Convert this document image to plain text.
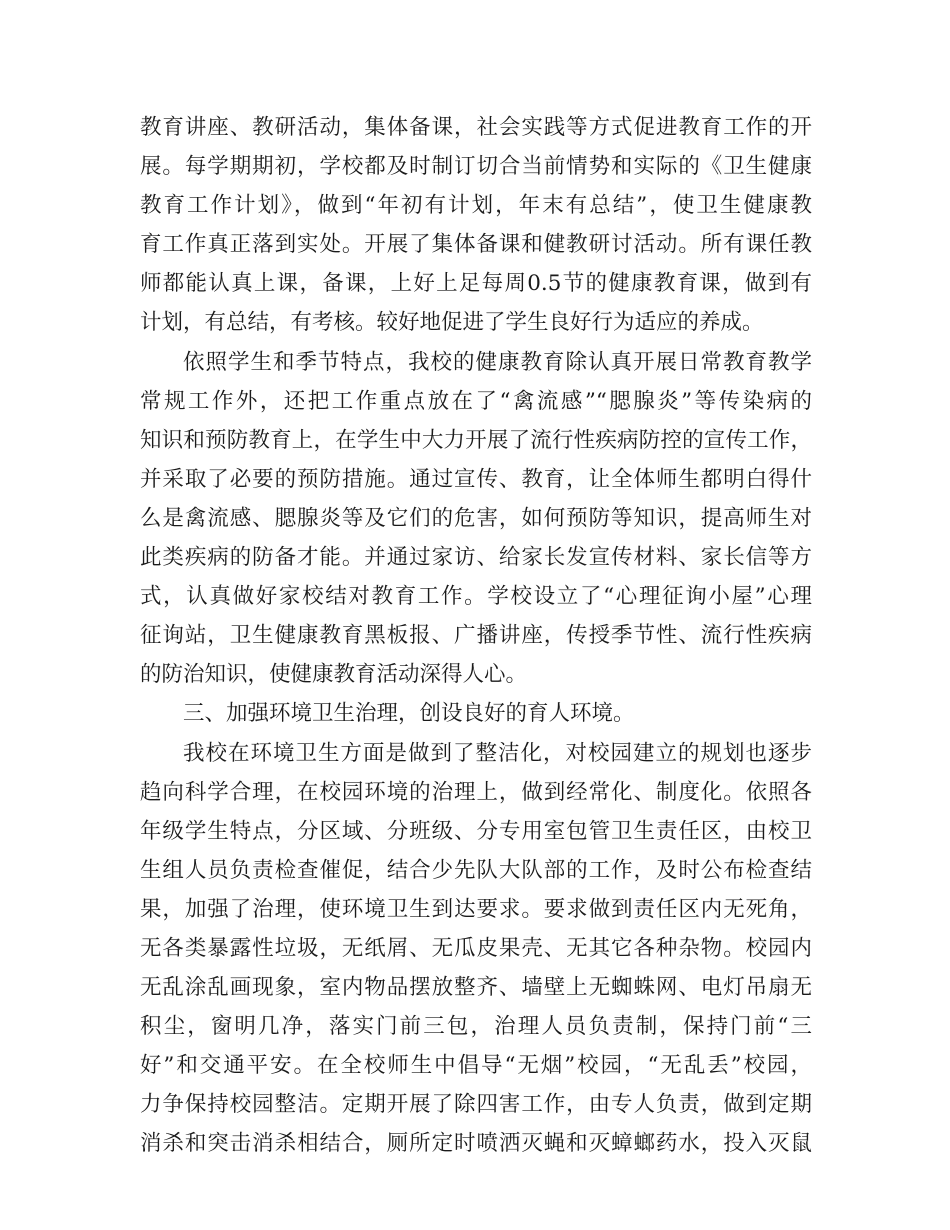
教育讲座、教研活动，集体备课，社会实践等方式促进教育工作的开
展。每学期期初，学校都及时制订切合当前情势和实际的《卫生健康
教育工作计划》，做到“年初有计划，年末有总结”，使卫生健康教
育工作真正落到实处。开展了集体备课和健教研讨活动。所有课任教
师都能认真上课，备课，上好上足每周0.5节的健康教育课，做到有
计划，有总结，有考核。较好地促进了学生良好行为适应的养成。
依照学生和季节特点，我校的健康教育除认真开展日常教育教学
常规工作外，还把工作重点放在了“禽流感”“腮腺炎”等传染病的
知识和预防教育上，在学生中大力开展了流行性疾病防控的宣传工作，
并采取了必要的预防措施。通过宣传、教育，让全体师生都明白得什
么是禽流感、腮腺炎等及它们的危害，如何预防等知识，提高师生对
此类疾病的防备才能。并通过家访、给家长发宣传材料、家长信等方
式，认真做好家校结对教育工作。学校设立了“心理征询小屋”心理
征询站，卫生健康教育黑板报、广播讲座，传授季节性、流行性疾病
的防治知识，使健康教育活动深得人心。
三、加强环境卫生治理，创设良好的育人环境。
我校在环境卫生方面是做到了整洁化，对校园建立的规划也逐步
趋向科学合理，在校园环境的治理上，做到经常化、制度化。依照各
年级学生特点，分区域、分班级、分专用室包管卫生责任区，由校卫
生组人员负责检查催促，结合少先队大队部的工作，及时公布检查结
果，加强了治理，使环境卫生到达要求。要求做到责任区内无死角，
无各类暴露性垃圾，无纸屑、无瓜皮果壳、无其它各种杂物。校园内
无乱涂乱画现象，室内物品摆放整齐、墙壁上无蜘蛛网、电灯吊扇无
积尘，窗明几净，落实门前三包，治理人员负责制，保持门前“三
好”和交通平安。在全校师生中倡导“无烟”校园，“无乱丢”校园，
力争保持校园整洁。定期开展了除四害工作，由专人负责，做到定期
消杀和突击消杀相结合，厕所定时喷洒灭蝇和灭蟑螂药水，投入灭鼠
